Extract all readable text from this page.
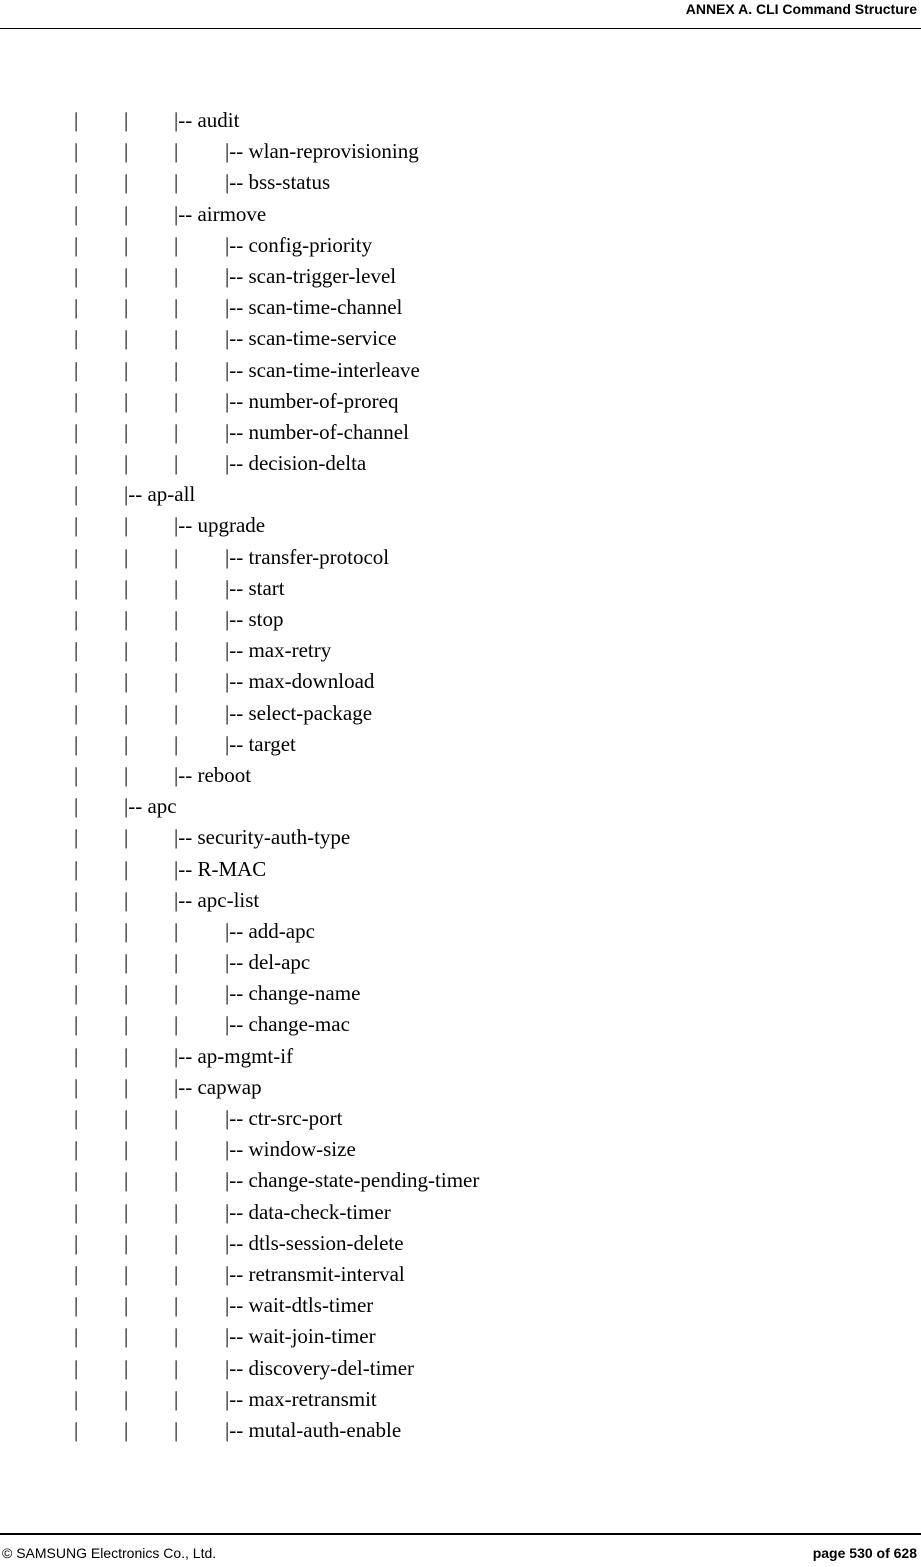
ANNEX A. CLI Command Structure
| | |-- audit
| | | |-- wlan-reprovisioning
| | | |-- bss-status
| | |-- airmove
| | | |-- config-priority
| | | |-- scan-trigger-level
| | | |-- scan-time-channel
| | | |-- scan-time-service
| | | |-- scan-time-interleave
| | | |-- number-of-proreq
| | | |-- number-of-channel
| | | |-- decision-delta
| |-- ap-all
| | |-- upgrade
| | | |-- transfer-protocol
| | | |-- start
| | | |-- stop
| | | |-- max-retry
| | | |-- max-download
| | | |-- select-package
| | | |-- target
| | |-- reboot
| |-- apc
| | |-- security-auth-type
| | |-- R-MAC
| | |-- apc-list
| | | |-- add-apc
| | | |-- del-apc
| | | |-- change-name
| | | |-- change-mac
| | |-- ap-mgmt-if
| | |-- capwap
| | | |-- ctr-src-port
| | | |-- window-size
| | | |-- change-state-pending-timer
| | | |-- data-check-timer
| | | |-- dtls-session-delete
| | | |-- retransmit-interval
| | | |-- wait-dtls-timer
| | | |-- wait-join-timer
| | | |-- discovery-del-timer
| | | |-- max-retransmit
| | | |-- mutal-auth-enable
© SAMSUNG Electronics Co., Ltd.	page 530 of 628
